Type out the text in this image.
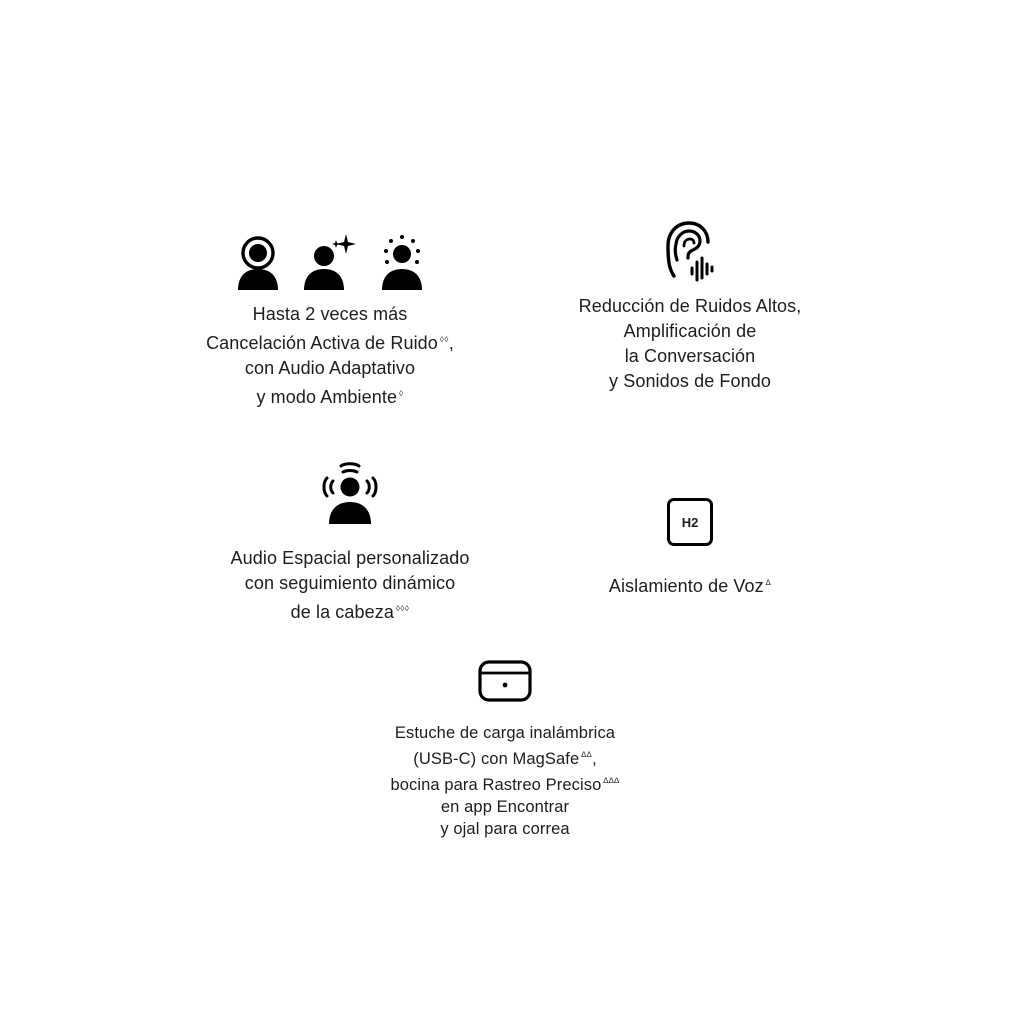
Hasta 2 veces más
Cancelación Activa de Ruido ◊◊,
con Audio Adaptativo
y modo Ambiente ◊
Reducción de Ruidos Altos,
Amplificación de
la Conversación
y Sonidos de Fondo
Audio Espacial personalizado
con seguimiento dinámico
de la cabeza ◊◊◊
H2
Aislamiento de Voz ∆
Estuche de carga inalámbrica
(USB-C) con MagSafe ∆∆,
bocina para Rastreo Preciso ∆∆∆
en app Encontrar
y ojal para correa
